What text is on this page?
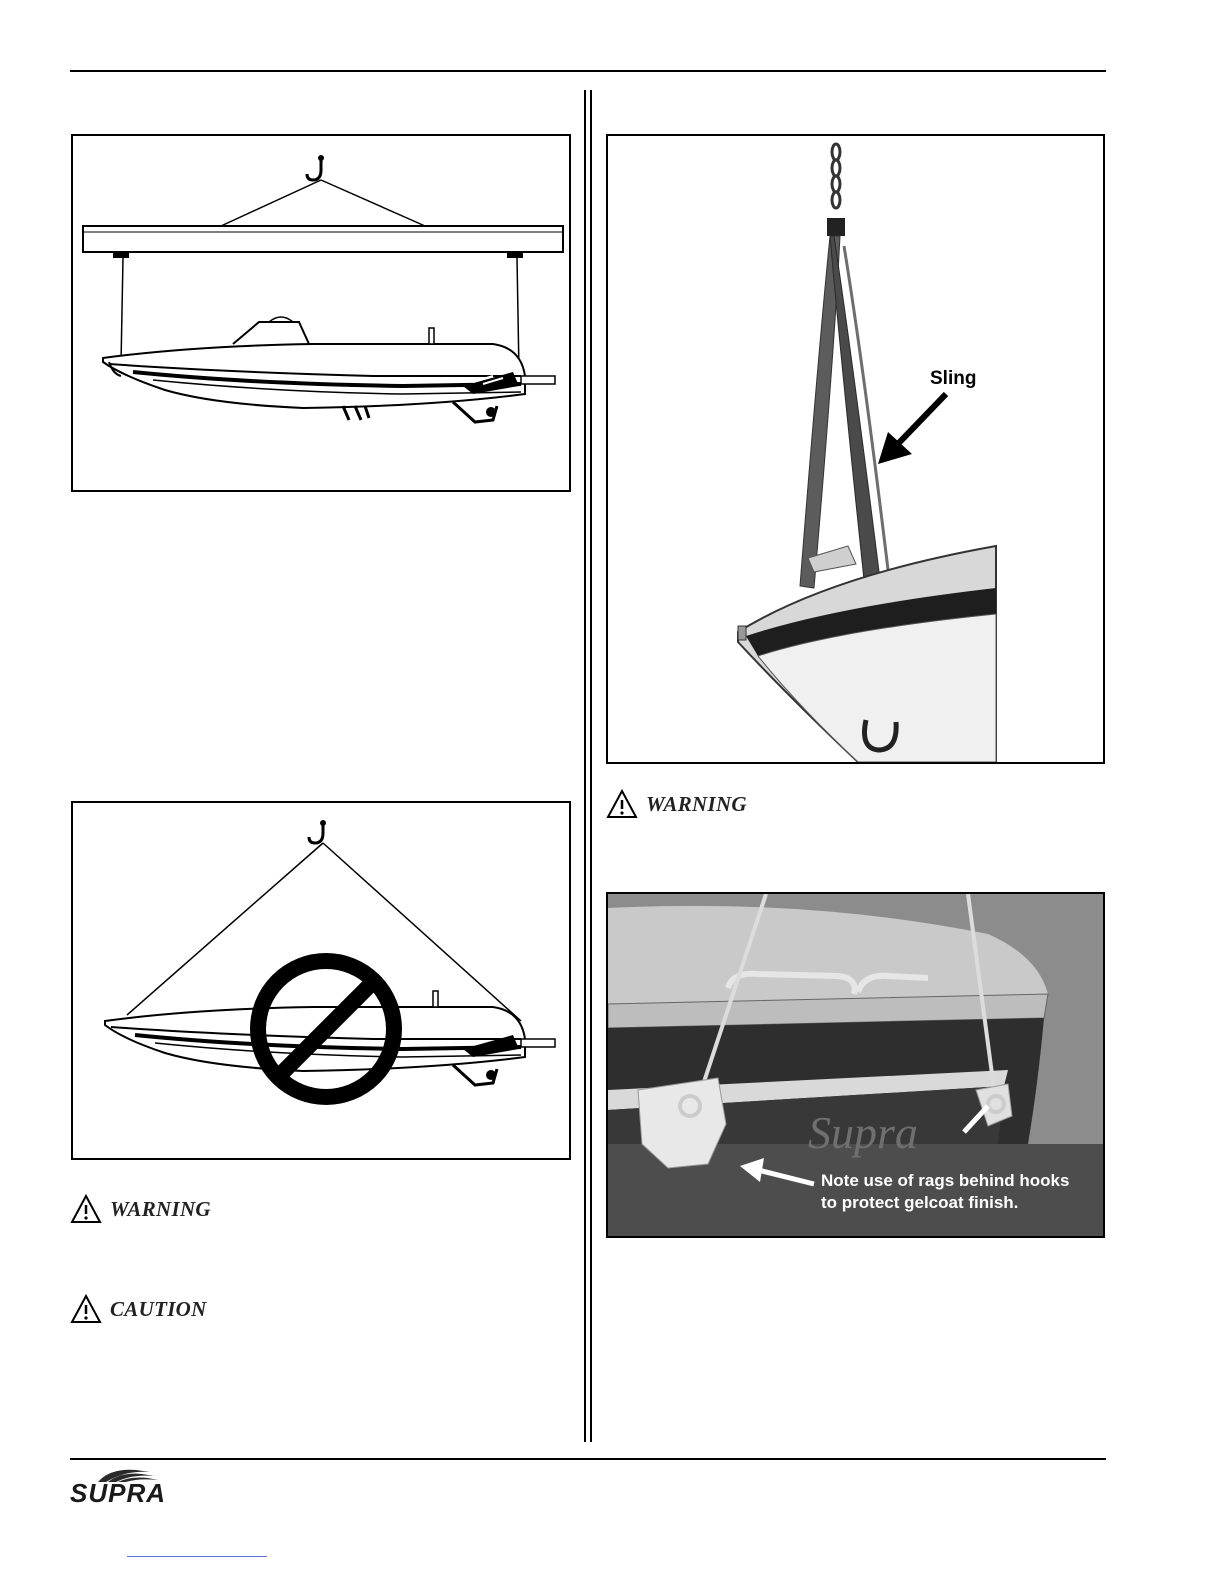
WARNING
CAUTION
Sling
WARNING
Supra
Note use of rags behind hooks
to protect gelcoat finish.
SUPRA
